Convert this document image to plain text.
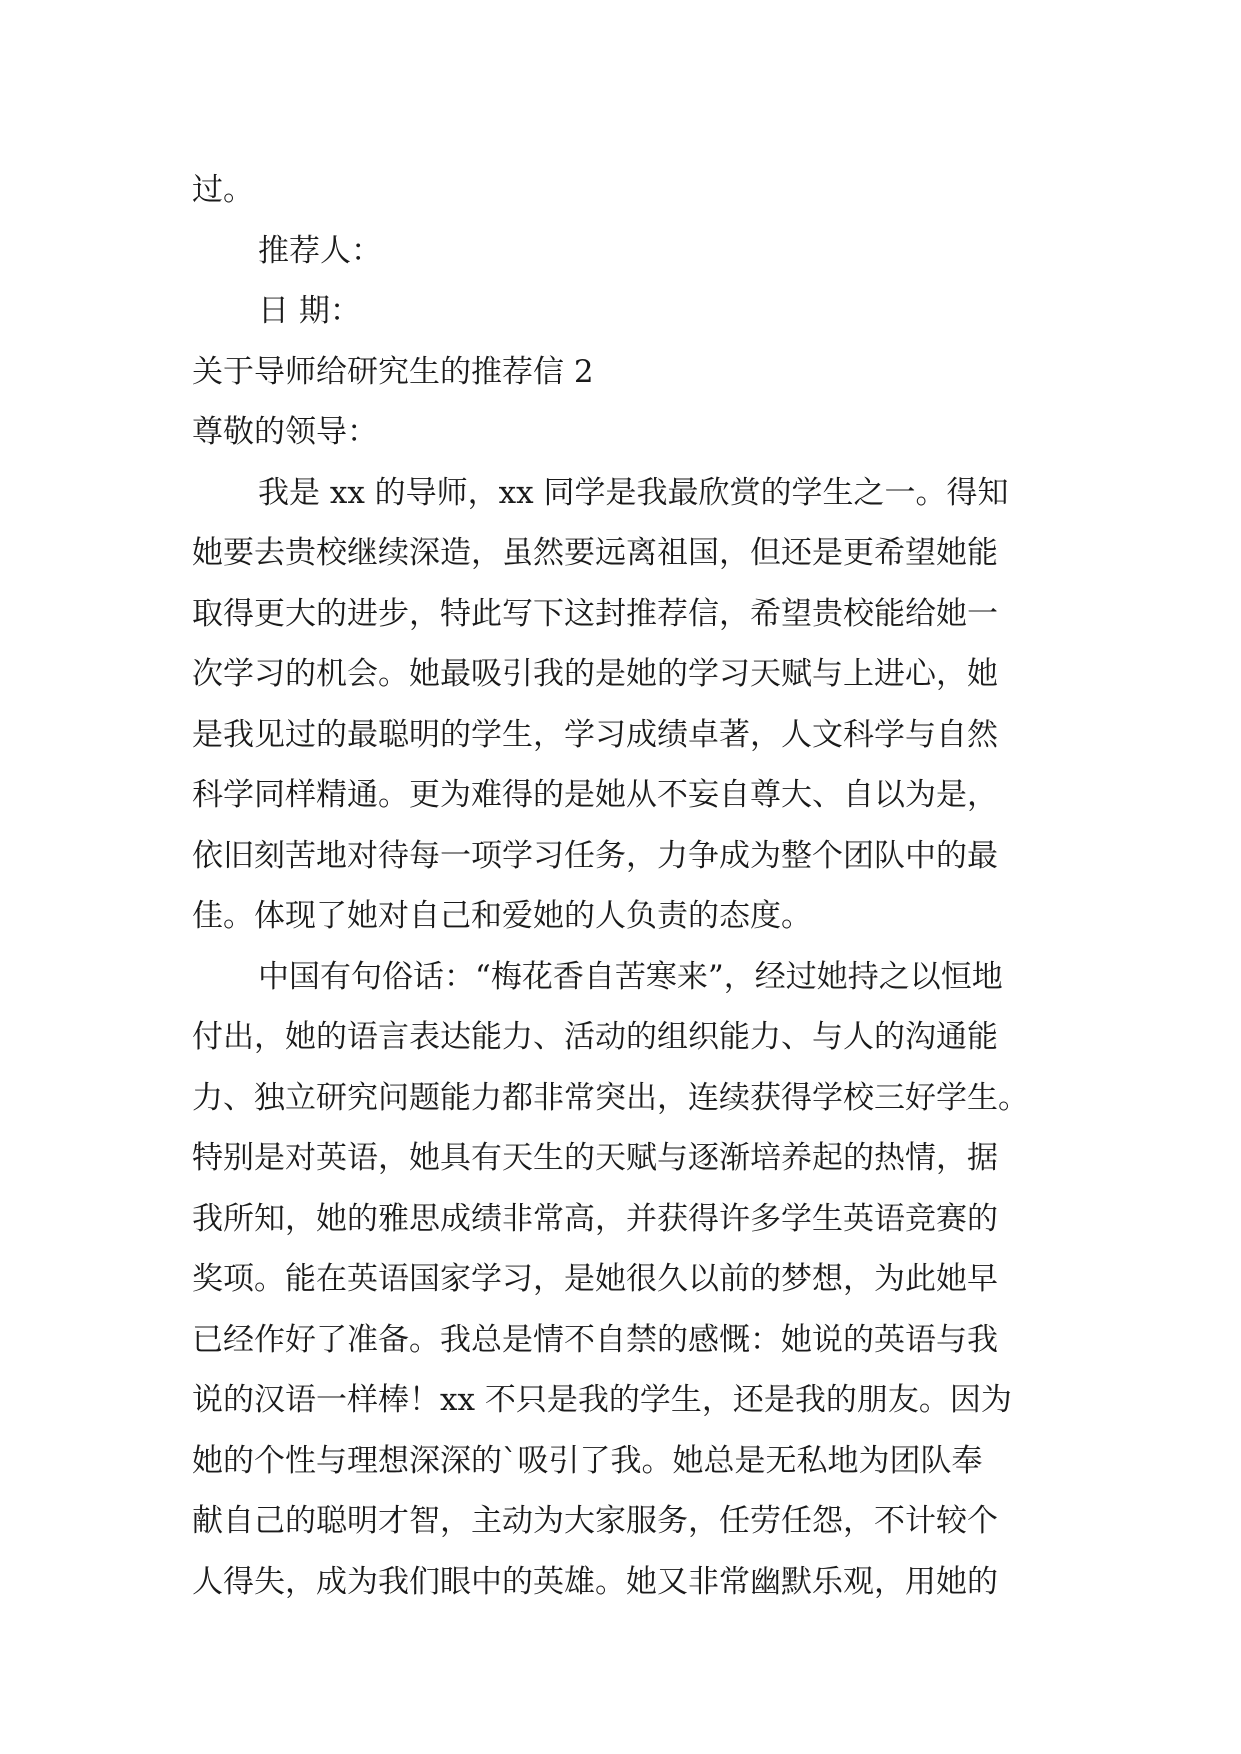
过。
推荐人：
日 期：
关于导师给研究生的推荐信 2
尊敬的领导：
我是 xx 的导师，xx 同学是我最欣赏的学生之一。得知
她要去贵校继续深造，虽然要远离祖国，但还是更希望她能
取得更大的进步，特此写下这封推荐信，希望贵校能给她一
次学习的机会。她最吸引我的是她的学习天赋与上进心，她
是我见过的最聪明的学生，学习成绩卓著，人文科学与自然
科学同样精通。更为难得的是她从不妄自尊大、自以为是，
依旧刻苦地对待每一项学习任务，力争成为整个团队中的最
佳。体现了她对自己和爱她的人负责的态度。
中国有句俗话：“梅花香自苦寒来”，经过她持之以恒地
付出，她的语言表达能力、活动的组织能力、与人的沟通能
力、独立研究问题能力都非常突出，连续获得学校三好学生。
特别是对英语，她具有天生的天赋与逐渐培养起的热情，据
我所知，她的雅思成绩非常高，并获得许多学生英语竞赛的
奖项。能在英语国家学习，是她很久以前的梦想，为此她早
已经作好了准备。我总是情不自禁的感慨：她说的英语与我
说的汉语一样棒！xx 不只是我的学生，还是我的朋友。因为
她的个性与理想深深的`吸引了我。她总是无私地为团队奉
献自己的聪明才智，主动为大家服务，任劳任怨，不计较个
人得失，成为我们眼中的英雄。她又非常幽默乐观，用她的
